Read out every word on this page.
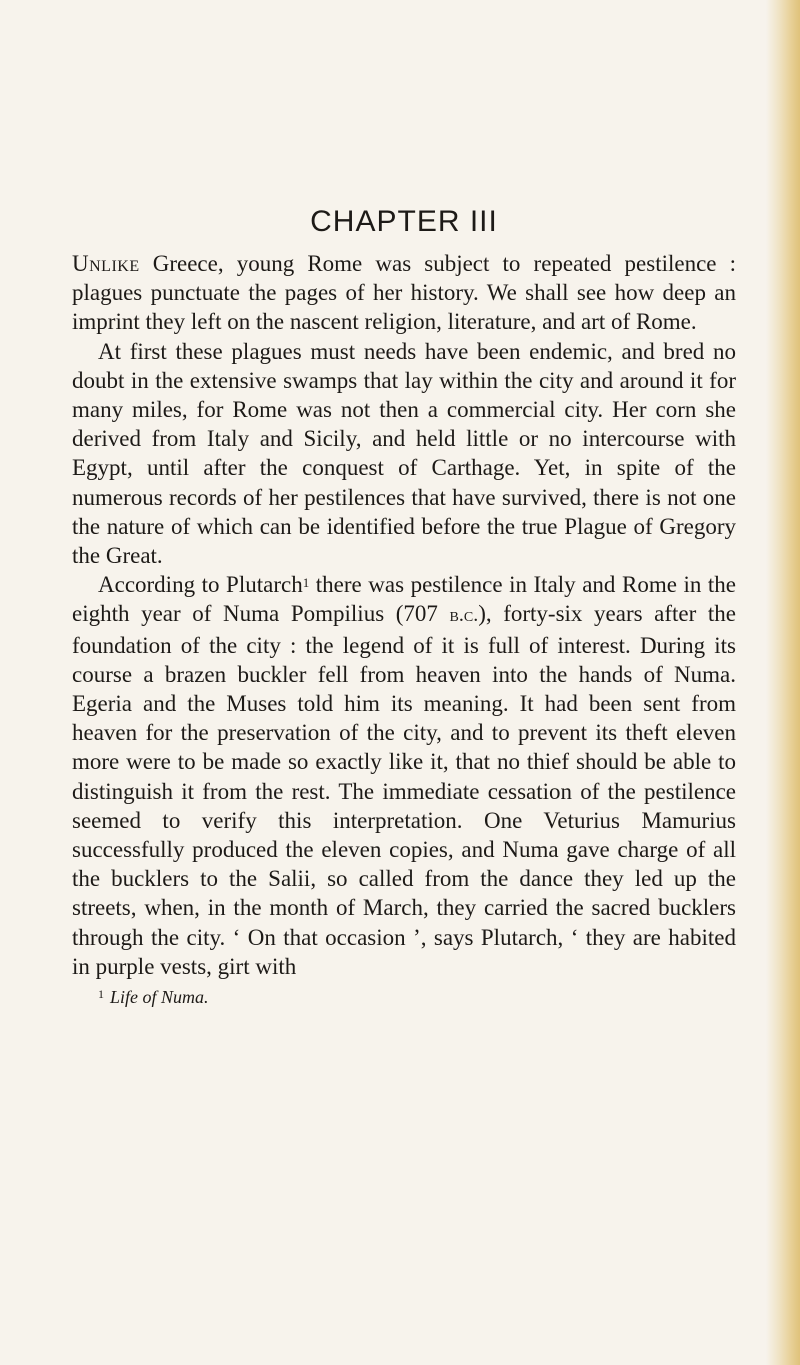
CHAPTER III

Unlike Greece, young Rome was subject to repeated pestilence : plagues punctuate the pages of her history. We shall see how deep an imprint they left on the nascent religion, literature, and art of Rome.

At first these plagues must needs have been endemic, and bred no doubt in the extensive swamps that lay within the city and around it for many miles, for Rome was not then a commercial city. Her corn she derived from Italy and Sicily, and held little or no intercourse with Egypt, until after the conquest of Carthage. Yet, in spite of the numerous records of her pestilences that have survived, there is not one the nature of which can be identified before the true Plague of Gregory the Great.

According to Plutarch$^1$ there was pestilence in Italy and Rome in the eighth year of Numa Pompilius (707 b.c.), forty-six years after the foundation of the city : the legend of it is full of interest. During its course a brazen buckler fell from heaven into the hands of Numa. Egeria and the Muses told him its meaning. It had been sent from heaven for the preservation of the city, and to prevent its theft eleven more were to be made so exactly like it, that no thief should be able to distinguish it from the rest. The immediate cessation of the pestilence seemed to verify this interpretation. One Veturius Mamurius successfully produced the eleven copies, and Numa gave charge of all the bucklers to the Salii, so called from the dance they led up the streets, when, in the month of March, they carried the sacred bucklers through the city. ‘ On that occasion ’, says Plutarch, ‘ they are habited in purple vests, girt with

$^1$ Life of Numa.
